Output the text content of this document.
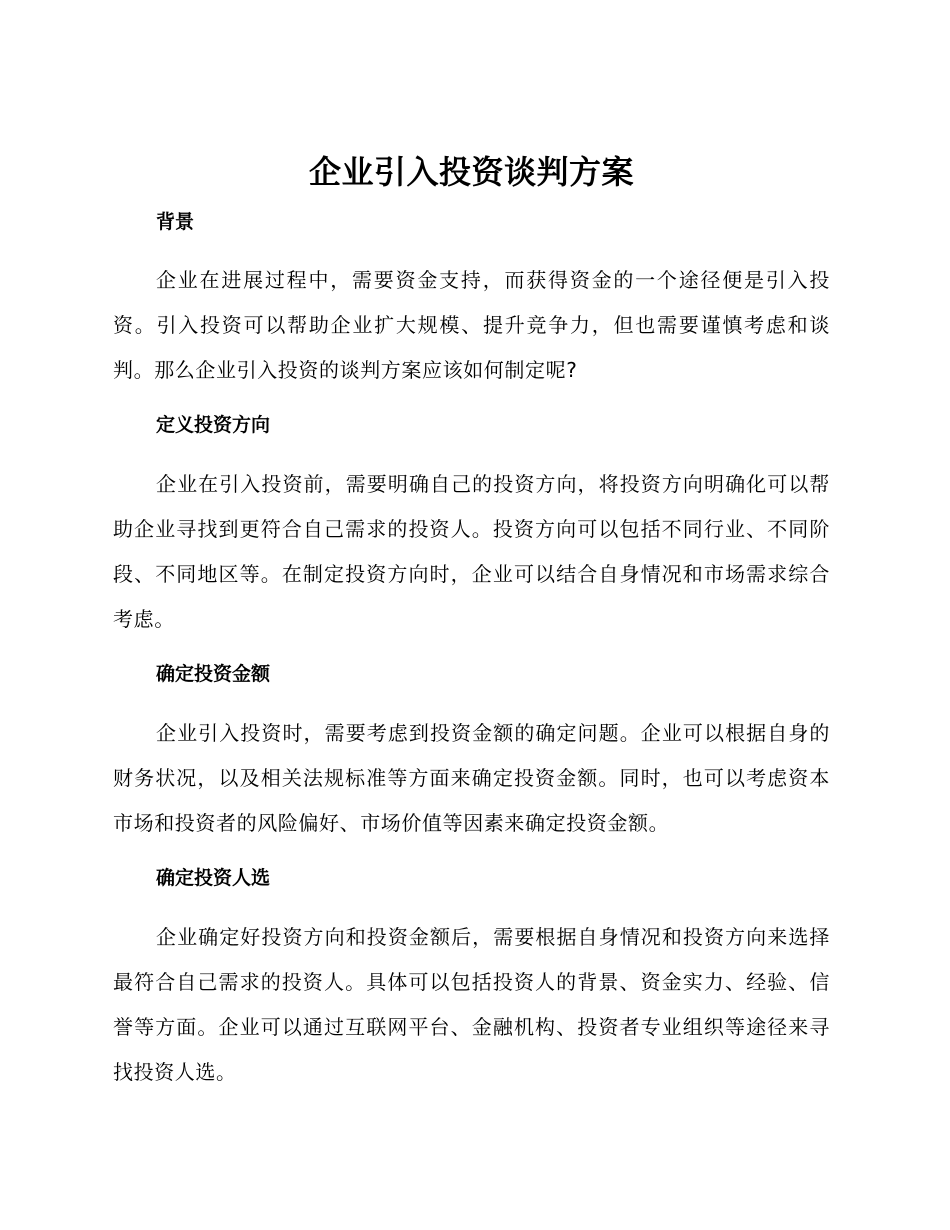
企业引入投资谈判方案
背景

企业在进展过程中，需要资金支持，而获得资金的一个途径便是引入投资。引入投资可以帮助企业扩大规模、提升竞争力，但也需要谨慎考虑和谈判。那么企业引入投资的谈判方案应该如何制定呢?

定义投资方向

企业在引入投资前，需要明确自己的投资方向，将投资方向明确化可以帮助企业寻找到更符合自己需求的投资人。投资方向可以包括不同行业、不同阶段、不同地区等。在制定投资方向时，企业可以结合自身情况和市场需求综合考虑。

确定投资金额

企业引入投资时，需要考虑到投资金额的确定问题。企业可以根据自身的财务状况，以及相关法规标准等方面来确定投资金额。同时，也可以考虑资本市场和投资者的风险偏好、市场价值等因素来确定投资金额。

确定投资人选

企业确定好投资方向和投资金额后，需要根据自身情况和投资方向来选择最符合自己需求的投资人。具体可以包括投资人的背景、资金实力、经验、信誉等方面。企业可以通过互联网平台、金融机构、投资者专业组织等途径来寻找投资人选。
